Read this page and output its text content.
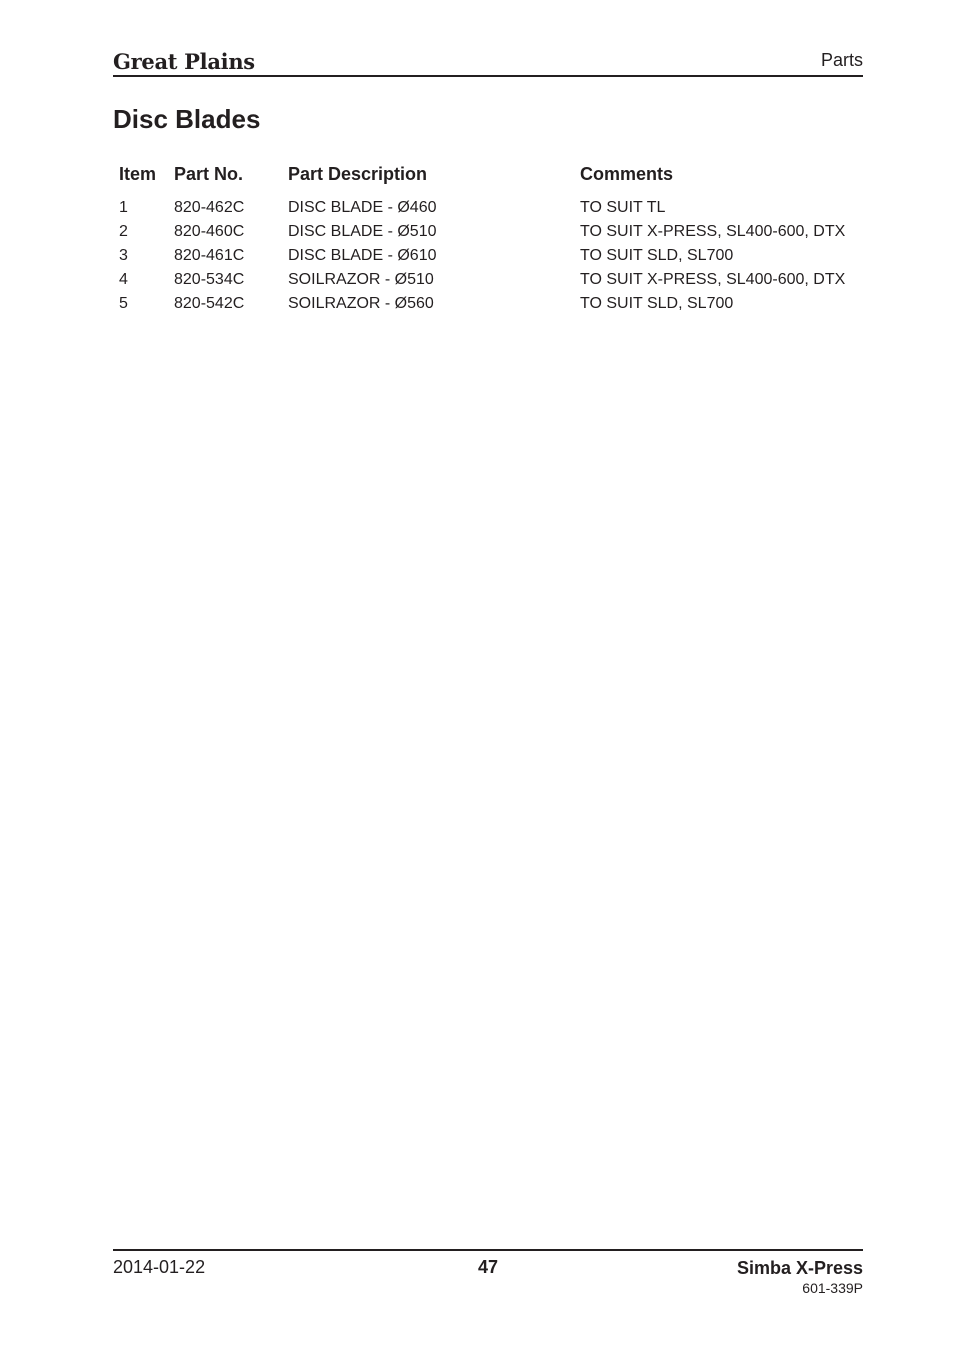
Great Plains	Parts
Disc Blades
Item	Part No.	Part Description	Comments
1	820-462C	DISC BLADE - Ø460	TO SUIT TL
2	820-460C	DISC BLADE - Ø510	TO SUIT X-PRESS, SL400-600, DTX
3	820-461C	DISC BLADE - Ø610	TO SUIT SLD, SL700
4	820-534C	SOILRAZOR - Ø510	TO SUIT X-PRESS, SL400-600, DTX
5	820-542C	SOILRAZOR - Ø560	TO SUIT SLD, SL700
2014-01-22	47	Simba X-Press
601-339P
